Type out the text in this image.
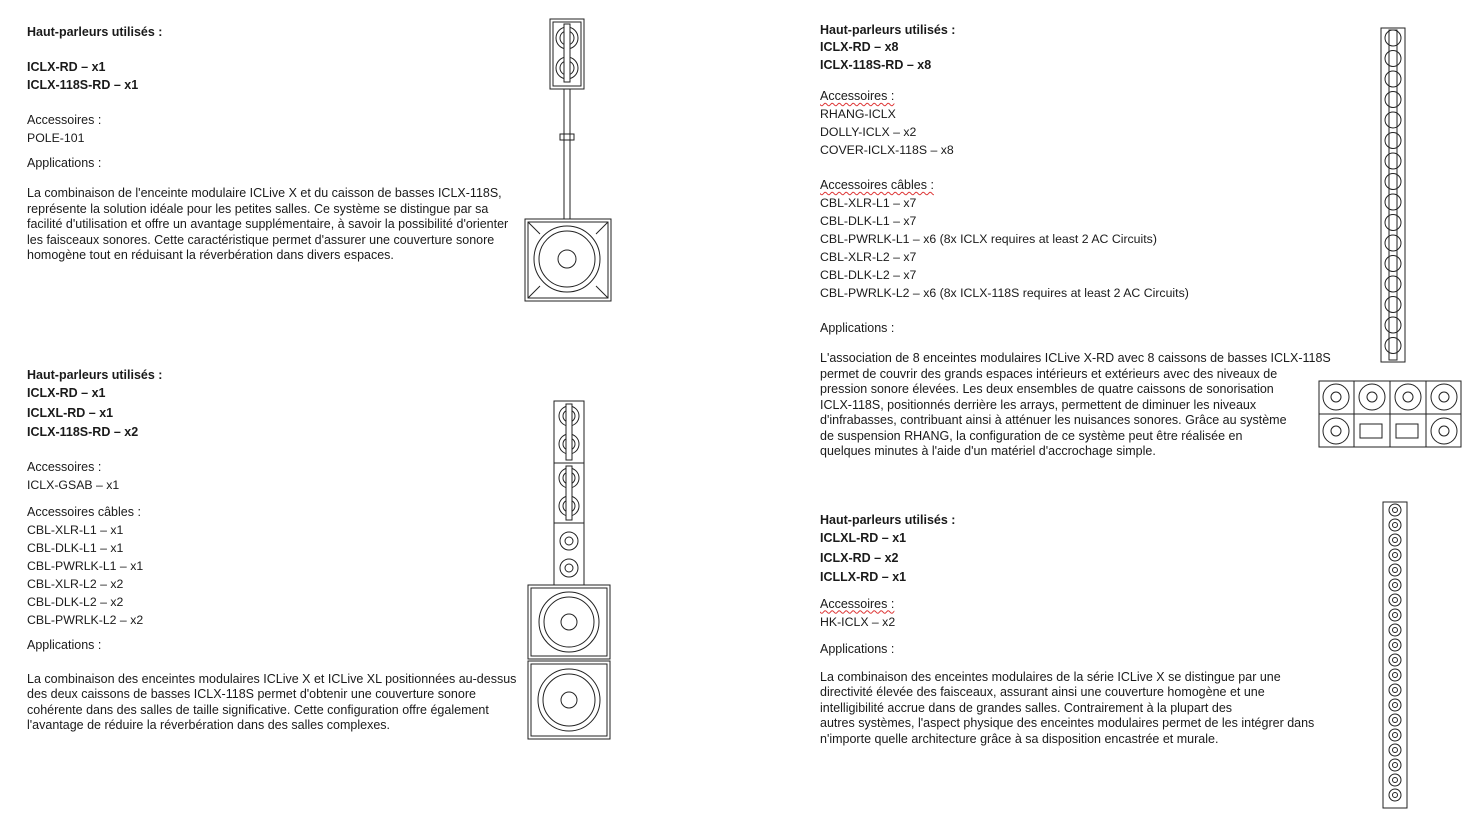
Haut-parleurs utilisés :

ICLX-RD – x1

ICLX-118S-RD – x1

Accessoires :

POLE-101

Applications :

La combinaison de l'enceinte modulaire ICLive X et du caisson de basses ICLX-118S, représente la solution idéale pour les petites salles. Ce système se distingue par sa facilité d'utilisation et offre un avantage supplémentaire, à savoir la possibilité d'orienter les faisceaux sonores. Cette caractéristique permet d'assurer une couverture sonore homogène tout en réduisant la réverbération dans divers espaces.

Haut-parleurs utilisés :

ICLX-RD – x1

ICLXL-RD – x1

ICLX-118S-RD – x2

Accessoires :

ICLX-GSAB – x1

Accessoires câbles :

CBL-XLR-L1 – x1

CBL-DLK-L1 – x1

CBL-PWRLK-L1 – x1

CBL-XLR-L2 – x2

CBL-DLK-L2 – x2

CBL-PWRLK-L2 – x2

Applications :

La combinaison des enceintes modulaires ICLive X et ICLive XL positionnées au-dessus des deux caissons de basses ICLX-118S permet d'obtenir une couverture sonore cohérente dans des salles de taille significative. Cette configuration offre également l'avantage de réduire la réverbération dans des salles complexes.

Haut-parleurs utilisés :

ICLX-RD – x8

ICLX-118S-RD – x8

Accessoires :

RHANG-ICLX

DOLLY-ICLX – x2

COVER-ICLX-118S – x8

Accessoires câbles :

CBL-XLR-L1 – x7

CBL-DLK-L1 – x7

CBL-PWRLK-L1 – x6 (8x ICLX requires at least 2 AC Circuits)

CBL-XLR-L2 – x7

CBL-DLK-L2 – x7

CBL-PWRLK-L2 – x6 (8x ICLX-118S requires at least 2 AC Circuits)

Applications :

L'association de 8 enceintes modulaires ICLive X-RD avec 8 caissons de basses ICLX-118S

permet de couvrir des grands espaces intérieurs et extérieurs avec des niveaux de

pression sonore élevées. Les deux ensembles de quatre caissons de sonorisation

ICLX-118S, positionnés derrière les arrays, permettent de diminuer les niveaux

d'infrabasses, contribuant ainsi à atténuer les nuisances sonores. Grâce au système

de suspension RHANG, la configuration de ce système peut être réalisée en

quelques minutes à l'aide d'un matériel d'accrochage simple.

Haut-parleurs utilisés :

ICLXL-RD – x1

ICLX-RD – x2

ICLLX-RD – x1

Accessoires :

HK-ICLX – x2

Applications :

La combinaison des enceintes modulaires de la série ICLive X se distingue par une

directivité élevée des faisceaux, assurant ainsi une couverture homogène et une

intelligibilité accrue dans de grandes salles. Contrairement à la plupart des

autres systèmes, l'aspect physique des enceintes modulaires permet de les intégrer dans

n'importe quelle architecture grâce à sa disposition encastrée et murale.
